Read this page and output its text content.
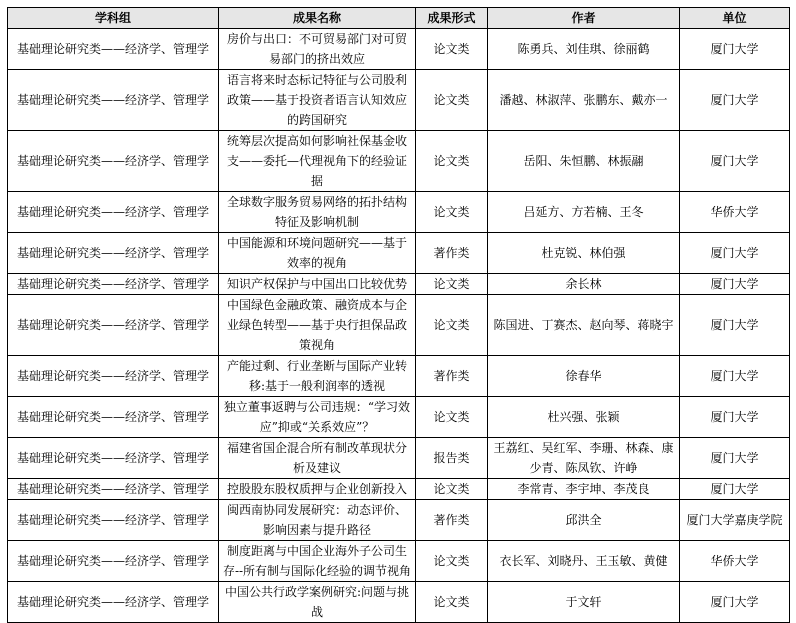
学科组	成果名称	成果形式	作者	单位
基础理论研究类——经济学、管理学	房价与出口：不可贸易部门对可贸易部门的挤出效应	论文类	陈勇兵、刘佳琪、徐丽鹤	厦门大学
基础理论研究类——经济学、管理学	语言将来时态标记特征与公司股利政策——基于投资者语言认知效应的跨国研究	论文类	潘越、林淑萍、张鹏东、戴亦一	厦门大学
基础理论研究类——经济学、管理学	统筹层次提高如何影响社保基金收支——委托—代理视角下的经验证据	论文类	岳阳、朱恒鹏、林振翮	厦门大学
基础理论研究类——经济学、管理学	全球数字服务贸易网络的拓扑结构特征及影响机制	论文类	吕延方、方若楠、王冬	华侨大学
基础理论研究类——经济学、管理学	中国能源和环境问题研究——基于效率的视角	著作类	杜克锐、林伯强	厦门大学
基础理论研究类——经济学、管理学	知识产权保护与中国出口比较优势	论文类	余长林	厦门大学
基础理论研究类——经济学、管理学	中国绿色金融政策、融资成本与企业绿色转型——基于央行担保品政策视角	论文类	陈国进、丁赛杰、赵向琴、蒋晓宇	厦门大学
基础理论研究类——经济学、管理学	产能过剩、行业垄断与国际产业转移:基于一般利润率的透视	著作类	徐春华	厦门大学
基础理论研究类——经济学、管理学	独立董事返聘与公司违规：“学习效应”抑或“关系效应”？	论文类	杜兴强、张颖	厦门大学
基础理论研究类——经济学、管理学	福建省国企混合所有制改革现状分析及建议	报告类	王荔红、吴红军、李珊、林森、康少青、陈凤钦、许峥	厦门大学
基础理论研究类——经济学、管理学	控股股东股权质押与企业创新投入	论文类	李常青、李宇坤、李茂良	厦门大学
基础理论研究类——经济学、管理学	闽西南协同发展研究：动态评价、影响因素与提升路径	著作类	邱洪全	厦门大学嘉庚学院
基础理论研究类——经济学、管理学	制度距离与中国企业海外子公司生存--所有制与国际化经验的调节视角	论文类	衣长军、刘晓丹、王玉敏、黄健	华侨大学
基础理论研究类——经济学、管理学	中国公共行政学案例研究:问题与挑战	论文类	于文轩	厦门大学
